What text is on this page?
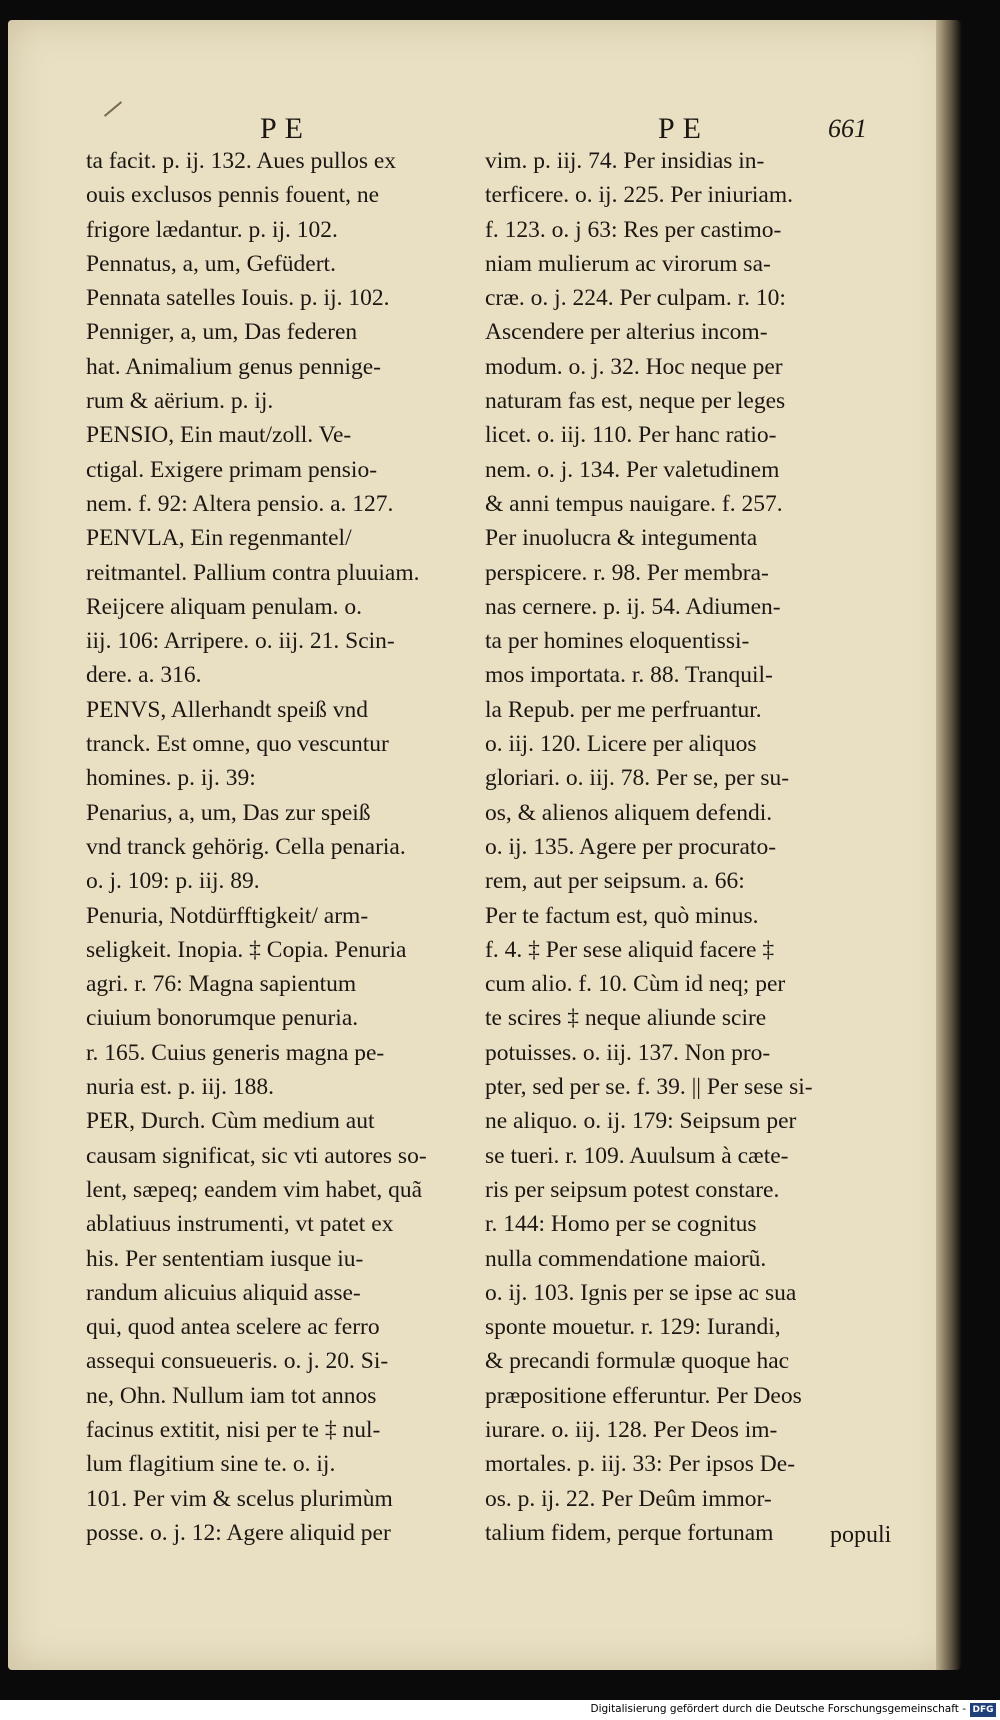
PE	PE	661
ta facit. p. ij. 132. Aues pullos ex
ouis exclusos pennis fouent, ne
frigore lædantur. p. ij. 102.
Pennatus, a, um, Gefüdert.
Pennata satelles Iouis. p. ij. 102.
Penniger, a, um, Das federen
hat. Animalium genus pennige-
rum & aërium. p. ij.
PENSIO, Ein maut/zoll. Ve-
ctigal. Exigere primam pensio-
nem. f. 92: Altera pensio. a. 127.
PENVLA, Ein regenmantel/
reitmantel. Pallium contra pluuiam.
Reijcere aliquam penulam. o.
iij. 106: Arripere. o. iij. 21. Scin-
dere. a. 316.
PENVS, Allerhandt speiß vnd
tranck. Est omne, quo vescuntur
homines. p. ij. 39:
Penarius, a, um, Das zur speiß
vnd tranck gehörig. Cella penaria.
o. j. 109: p. iij. 89.
Penuria, Notdürfftigkeit/ arm-
seligkeit. Inopia. ‡ Copia. Penuria
agri. r. 76: Magna sapientum
ciuium bonorumque penuria.
r. 165. Cuius generis magna pe-
nuria est. p. iij. 188.
PER, Durch. Cùm medium aut
causam significat, sic vti autores so-
lent, sæpeq; eandem vim habet, quã
ablatiuus instrumenti, vt patet ex
his. Per sententiam iusque iu-
randum alicuius aliquid asse-
qui, quod antea scelere ac ferro
assequi consueueris. o. j. 20. Si-
ne, Ohn. Nullum iam tot annos
facinus extitit, nisi per te ‡ nul-
lum flagitium sine te. o. ij.
101. Per vim & scelus plurimùm
posse. o. j. 12: Agere aliquid per
vim. p. iij. 74. Per insidias in-
terficere. o. ij. 225. Per iniuriam.
f. 123. o. j 63: Res per castimo-
niam mulierum ac virorum sa-
cræ. o. j. 224. Per culpam. r. 10:
Ascendere per alterius incom-
modum. o. j. 32. Hoc neque per
naturam fas est, neque per leges
licet. o. iij. 110. Per hanc ratio-
nem. o. j. 134. Per valetudinem
& anni tempus nauigare. f. 257.
Per inuolucra & integumenta
perspicere. r. 98. Per membra-
nas cernere. p. ij. 54. Adiumen-
ta per homines eloquentissi-
mos importata. r. 88. Tranquil-
la Repub. per me perfruantur.
o. iij. 120. Licere per aliquos
gloriari. o. iij. 78. Per se, per su-
os, & alienos aliquem defendi.
o. ij. 135. Agere per procurato-
rem, aut per seipsum. a. 66:
Per te factum est, quò minus.
f. 4. ‡ Per sese aliquid facere ‡
cum alio. f. 10. Cùm id neq; per
te scires ‡ neque aliunde scire
potuisses. o. iij. 137. Non pro-
pter, sed per se. f. 39. || Per sese si-
ne aliquo. o. ij. 179: Seipsum per
se tueri. r. 109. Auulsum à cæte-
ris per seipsum potest constare.
r. 144: Homo per se cognitus
nulla commendatione maiorũ.
o. ij. 103. Ignis per se ipse ac sua
sponte mouetur. r. 129: Iurandi,
& precandi formulæ quoque hac
præpositione efferuntur. Per Deos
iurare. o. iij. 128. Per Deos im-
mortales. p. iij. 33: Per ipsos De-
os. p. ij. 22. Per Deûm immor-
talium fidem, perque fortunam	populi
Digitalisierung gefördert durch die Deutsche Forschungsgemeinschaft - DFG
